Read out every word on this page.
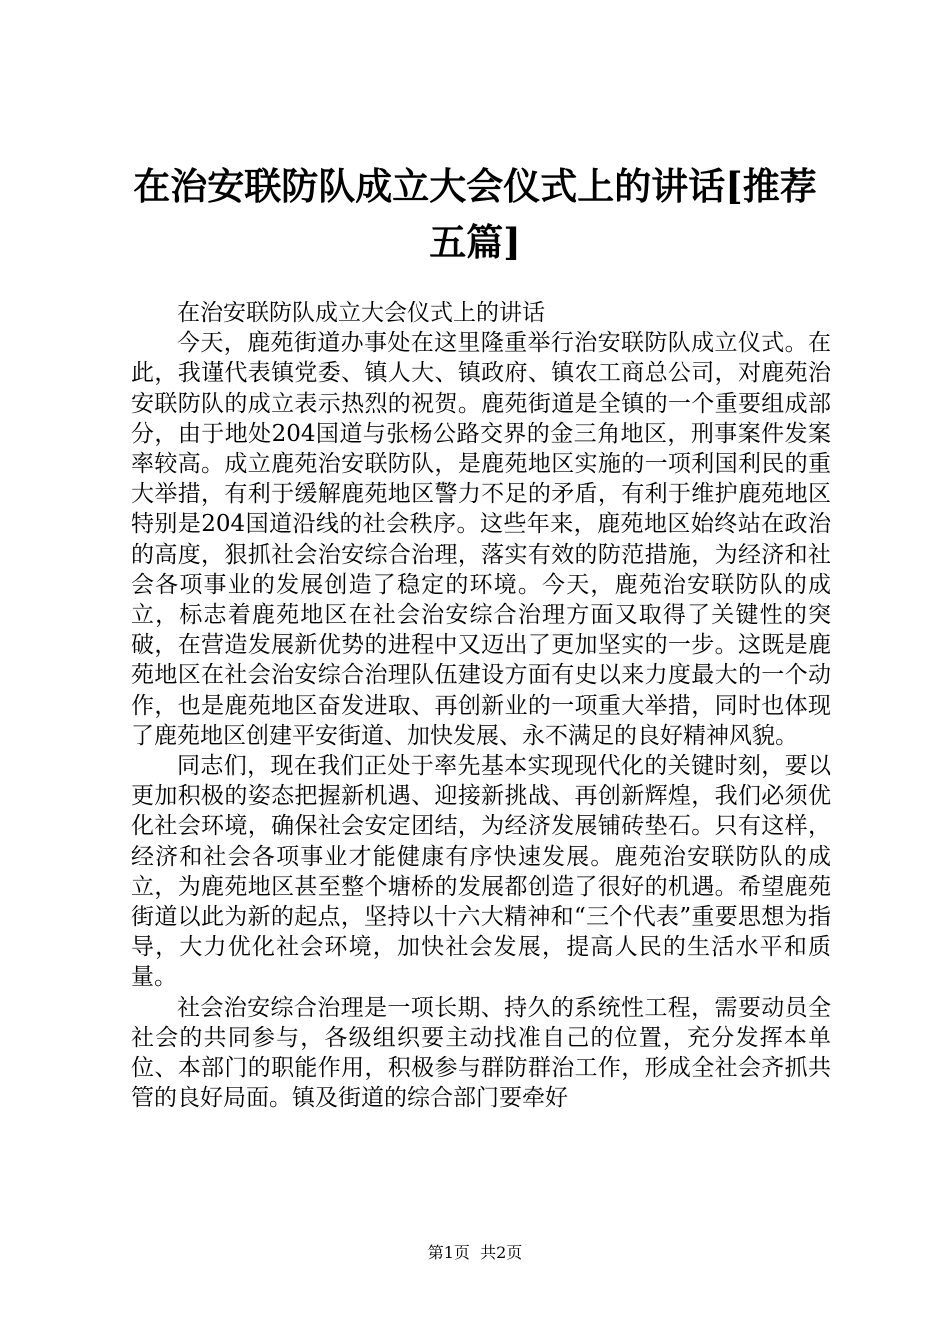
在治安联防队成立大会仪式上的讲话[推荐五篇]

在治安联防队成立大会仪式上的讲话

今天，鹿苑街道办事处在这里隆重举行治安联防队成立仪式。在此，我谨代表镇党委、镇人大、镇政府、镇农工商总公司，对鹿苑治安联防队的成立表示热烈的祝贺。鹿苑街道是全镇的一个重要组成部分，由于地处204国道与张杨公路交界的金三角地区，刑事案件发案率较高。成立鹿苑治安联防队，是鹿苑地区实施的一项利国利民的重大举措，有利于缓解鹿苑地区警力不足的矛盾，有利于维护鹿苑地区特别是204国道沿线的社会秩序。这些年来，鹿苑地区始终站在政治的高度，狠抓社会治安综合治理，落实有效的防范措施，为经济和社会各项事业的发展创造了稳定的环境。今天，鹿苑治安联防队的成立，标志着鹿苑地区在社会治安综合治理方面又取得了关键性的突破，在营造发展新优势的进程中又迈出了更加坚实的一步。这既是鹿苑地区在社会治安综合治理队伍建设方面有史以来力度最大的一个动作，也是鹿苑地区奋发进取、再创新业的一项重大举措，同时也体现了鹿苑地区创建平安街道、加快发展、永不满足的良好精神风貌。

同志们，现在我们正处于率先基本实现现代化的关键时刻，要以更加积极的姿态把握新机遇、迎接新挑战、再创新辉煌，我们必须优化社会环境，确保社会安定团结，为经济发展铺砖垫石。只有这样，经济和社会各项事业才能健康有序快速发展。鹿苑治安联防队的成立，为鹿苑地区甚至整个塘桥的发展都创造了很好的机遇。希望鹿苑街道以此为新的起点，坚持以十六大精神和“三个代表”重要思想为指导，大力优化社会环境，加快社会发展，提高人民的生活水平和质量。

社会治安综合治理是一项长期、持久的系统性工程，需要动员全社会的共同参与，各级组织要主动找准自己的位置，充分发挥本单位、本部门的职能作用，积极参与群防群治工作，形成全社会齐抓共管的良好局面。镇及街道的综合部门要牵好

第1页  共2页
